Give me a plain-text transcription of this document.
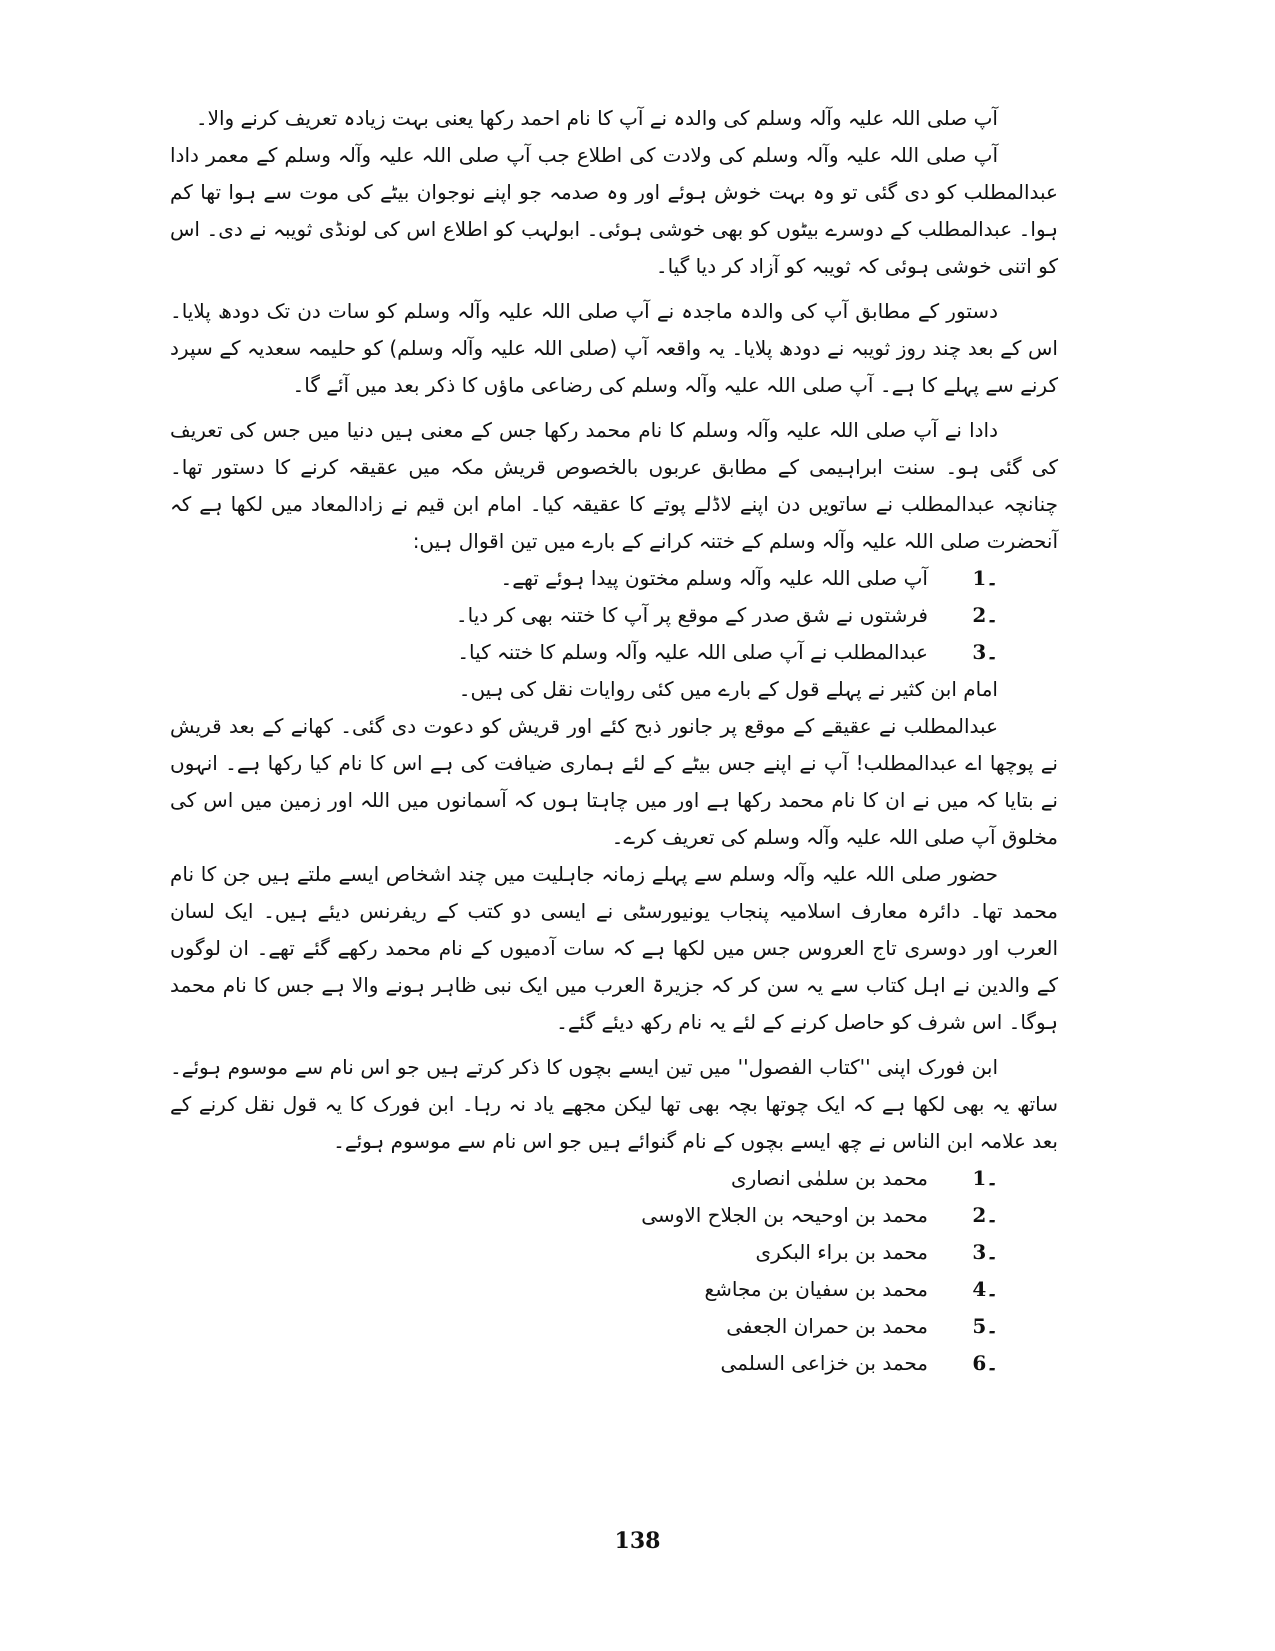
آپ صلی اللہ علیہ وآلہ وسلم کی والدہ نے آپ کا نام احمد رکھا یعنی بہت زیادہ تعریف کرنے والا۔

آپ صلی اللہ علیہ وآلہ وسلم کی ولادت کی اطلاع جب آپ صلی اللہ علیہ وآلہ وسلم کے معمر دادا عبدالمطلب کو دی گئی تو وہ بہت خوش ہوئے اور وہ صدمہ جو اپنے نوجوان بیٹے کی موت سے ہوا تھا کم ہوا۔ عبدالمطلب کے دوسرے بیٹوں کو بھی خوشی ہوئی۔ ابولہب کو اطلاع اس کی لونڈی ثویبہ نے دی۔ اس کو اتنی خوشی ہوئی کہ ثویبہ کو آزاد کر دیا گیا۔

دستور کے مطابق آپ کی والدہ ماجدہ نے آپ صلی اللہ علیہ وآلہ وسلم کو سات دن تک دودھ پلایا۔ اس کے بعد چند روز ثویبہ نے دودھ پلایا۔ یہ واقعہ آپ (صلی اللہ علیہ وآلہ وسلم) کو حلیمہ سعدیہ کے سپرد کرنے سے پہلے کا ہے۔ آپ صلی اللہ علیہ وآلہ وسلم کی رضاعی ماؤں کا ذکر بعد میں آئے گا۔

دادا نے آپ صلی اللہ علیہ وآلہ وسلم کا نام محمد رکھا جس کے معنی ہیں دنیا میں جس کی تعریف کی گئی ہو۔ سنت ابراہیمی کے مطابق عربوں بالخصوص قریش مکہ میں عقیقہ کرنے کا دستور تھا۔ چنانچہ عبدالمطلب نے ساتویں دن اپنے لاڈلے پوتے کا عقیقہ کیا۔ امام ابن قیم نے زادالمعاد میں لکھا ہے کہ آنحضرت صلی اللہ علیہ وآلہ وسلم کے ختنہ کرانے کے بارے میں تین اقوال ہیں:

1۔
آپ صلی اللہ علیہ وآلہ وسلم مختون پیدا ہوئے تھے۔
2۔
فرشتوں نے شق صدر کے موقع پر آپ کا ختنہ بھی کر دیا۔
3۔
عبدالمطلب نے آپ صلی اللہ علیہ وآلہ وسلم کا ختنہ کیا۔

امام ابن کثیر نے پہلے قول کے بارے میں کئی روایات نقل کی ہیں۔

عبدالمطلب نے عقیقے کے موقع پر جانور ذبح کئے اور قریش کو دعوت دی گئی۔ کھانے کے بعد قریش نے پوچھا اے عبدالمطلب! آپ نے اپنے جس بیٹے کے لئے ہماری ضیافت کی ہے اس کا نام کیا رکھا ہے۔ انہوں نے بتایا کہ میں نے ان کا نام محمد رکھا ہے اور میں چاہتا ہوں کہ آسمانوں میں اللہ اور زمین میں اس کی مخلوق آپ صلی اللہ علیہ وآلہ وسلم کی تعریف کرے۔

حضور صلی اللہ علیہ وآلہ وسلم سے پہلے زمانہ جاہلیت میں چند اشخاص ایسے ملتے ہیں جن کا نام محمد تھا۔ دائرہ معارف اسلامیہ پنجاب یونیورسٹی نے ایسی دو کتب کے ریفرنس دیئے ہیں۔ ایک لسان العرب اور دوسری تاج العروس جس میں لکھا ہے کہ سات آدمیوں کے نام محمد رکھے گئے تھے۔ ان لوگوں کے والدین نے اہل کتاب سے یہ سن کر کہ جزیرۃ العرب میں ایک نبی ظاہر ہونے والا ہے جس کا نام محمد ہوگا۔ اس شرف کو حاصل کرنے کے لئے یہ نام رکھ دیئے گئے۔

ابن فورک اپنی ''کتاب الفصول'' میں تین ایسے بچوں کا ذکر کرتے ہیں جو اس نام سے موسوم ہوئے۔ ساتھ یہ بھی لکھا ہے کہ ایک چوتھا بچہ بھی تھا لیکن مجھے یاد نہ رہا۔ ابن فورک کا یہ قول نقل کرنے کے بعد علامہ ابن الناس نے چھ ایسے بچوں کے نام گنوائے ہیں جو اس نام سے موسوم ہوئے۔

1۔
محمد بن سلمٰی انصاری
2۔
محمد بن اوحیحہ بن الجلاح الاوسی
3۔
محمد بن براء البکری
4۔
محمد بن سفیان بن مجاشع
5۔
محمد بن حمران الجعفی
6۔
محمد بن خزاعی السلمی
138
